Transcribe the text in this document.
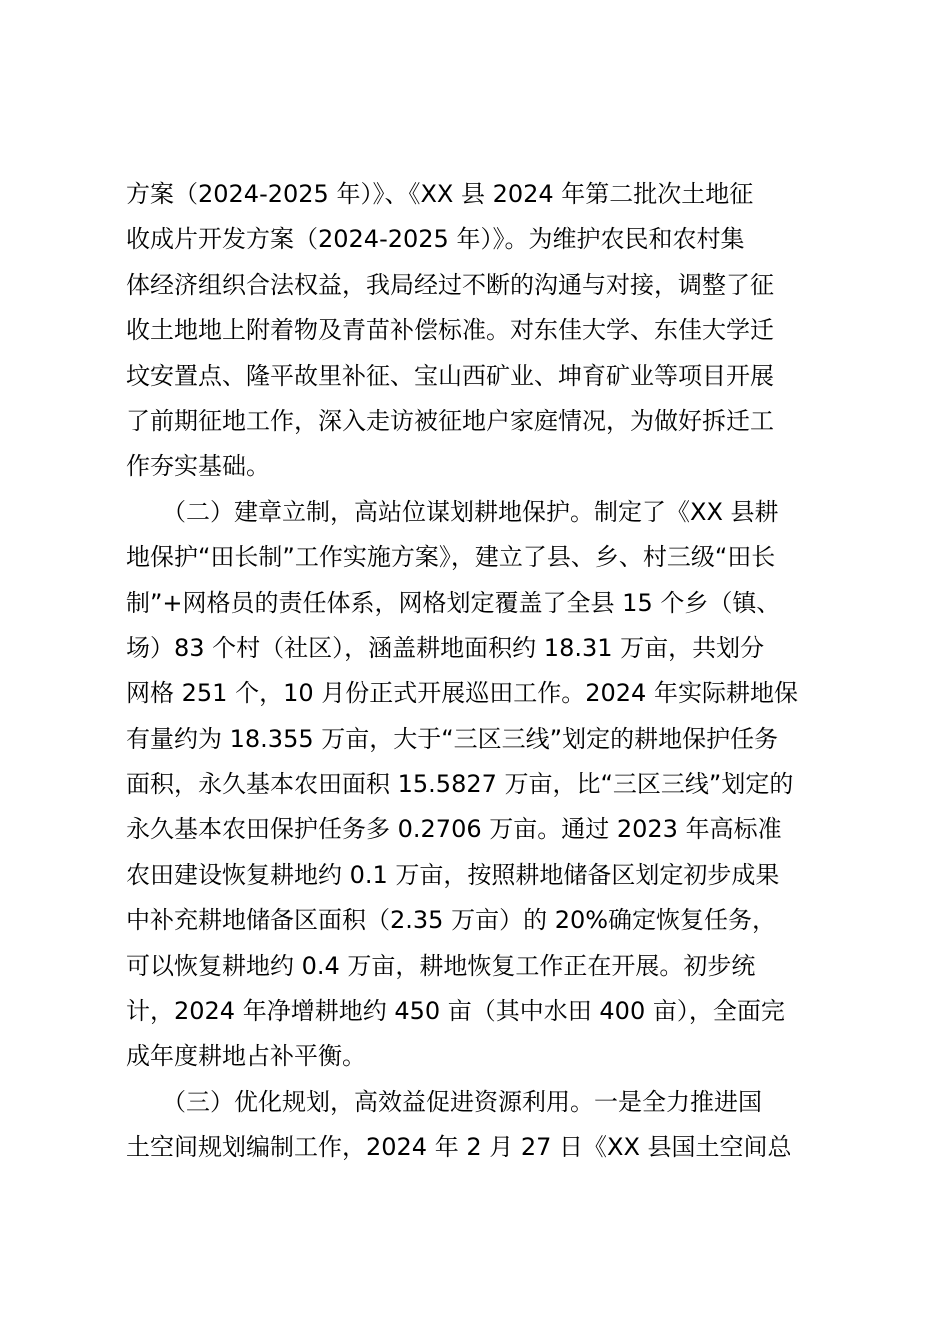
方案（2024-2025 年）》、《XX 县 2024 年第二批次土地征
收成片开发方案（2024-2025 年）》。为维护农民和农村集
体经济组织合法权益，我局经过不断的沟通与对接，调整了征
收土地地上附着物及青苗补偿标准。对东佳大学、东佳大学迁
坟安置点、隆平故里补征、宝山西矿业、坤育矿业等项目开展
了前期征地工作，深入走访被征地户家庭情况，为做好拆迁工
作夯实基础。
　　（二）建章立制，高站位谋划耕地保护。制定了《XX 县耕
地保护“田长制”工作实施方案》，建立了县、乡、村三级“田长
制”+网格员的责任体系，网格划定覆盖了全县 15 个乡（镇、
场）83 个村（社区），涵盖耕地面积约 18.31 万亩，共划分
网格 251 个，10 月份正式开展巡田工作。2024 年实际耕地保
有量约为 18.355 万亩，大于“三区三线”划定的耕地保护任务
面积，永久基本农田面积 15.5827 万亩，比“三区三线”划定的
永久基本农田保护任务多 0.2706 万亩。通过 2023 年高标准
农田建设恢复耕地约 0.1 万亩，按照耕地储备区划定初步成果
中补充耕地储备区面积（2.35 万亩）的 20%确定恢复任务，
可以恢复耕地约 0.4 万亩，耕地恢复工作正在开展。初步统
计，2024 年净增耕地约 450 亩（其中水田 400 亩），全面完
成年度耕地占补平衡。
　　（三）优化规划，高效益促进资源利用。一是全力推进国
土空间规划编制工作，2024 年 2 月 27 日《XX 县国土空间总
